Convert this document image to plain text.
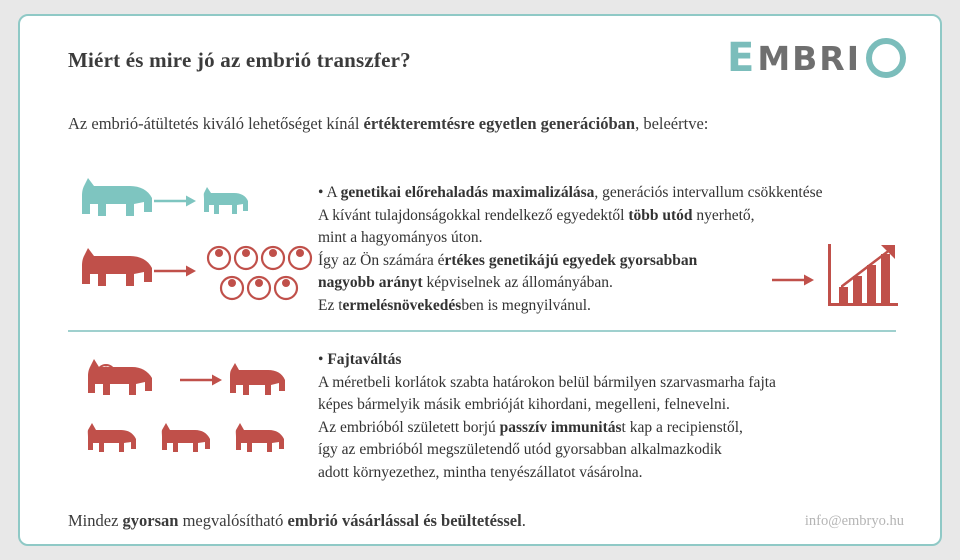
Miért és mire jó az embrió transzfer?	E MBRI
Az embrió-átültetés kiváló lehetőséget kínál értékteremtésre egyetlen generációban, beleértve:
• A genetikai előrehaladás maximalizálása, generációs intervallum csökkentése
A kívánt tulajdonságokkal rendelkező egyedektől több utód nyerhető,
mint a hagyományos úton.
Így az Ön számára értékes genetikájú egyedek gyorsabban
nagyobb arányt képviselnek az állományában.
Ez termelésnövekedésben is megnyilvánul.
• Fajtaváltás
A méretbeli korlátok szabta határokon belül bármilyen szarvasmarha fajta
képes bármelyik másik embrióját kihordani, megelleni, felnevelni.
Az embrióból született borjú passzív immunitást kap a recipienstől,
így az embrióból megszületendő utód gyorsabban alkalmazkodik
adott környezethez, mintha tenyészállatot vásárolna.
Mindez gyorsan megvalósítható embrió vásárlással és beültetéssel.	info@embryo.hu
